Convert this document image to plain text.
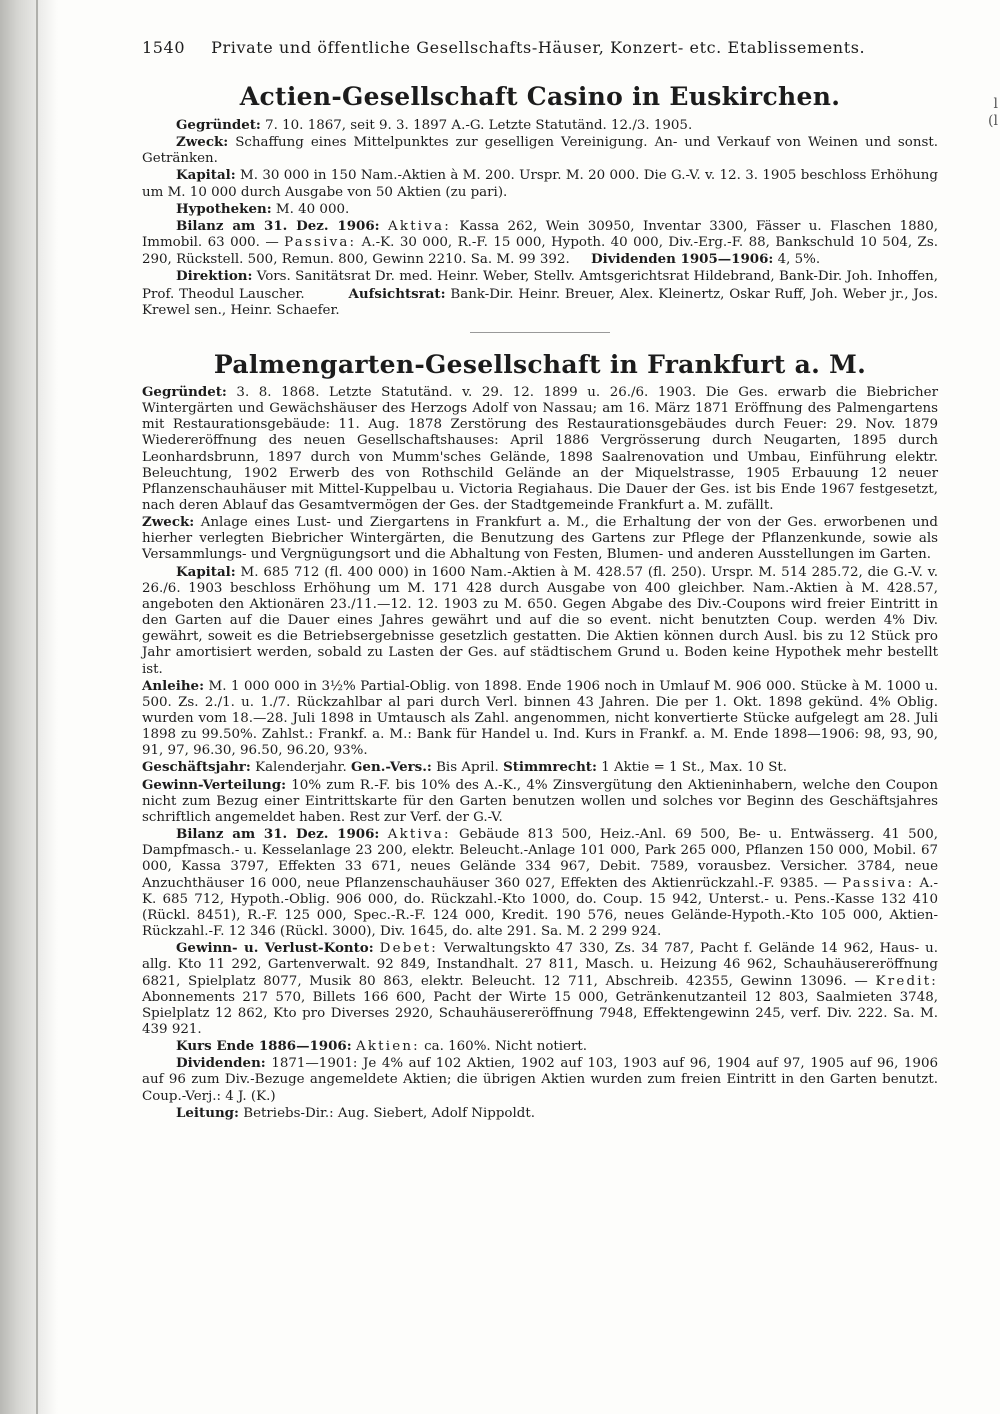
l(l
1540 Private und öffentliche Gesellschafts-Häuser, Konzert- etc. Etablissements.
Actien-Gesellschaft Casino in Euskirchen.

Gegründet: 7. 10. 1867, seit 9. 3. 1897 A.-G. Letzte Statutänd. 12./3. 1905.

Zweck: Schaffung eines Mittelpunktes zur geselligen Vereinigung. An- und Verkauf von Weinen und sonst. Getränken.

Kapital: M. 30 000 in 150 Nam.-Aktien à M. 200. Urspr. M. 20 000. Die G.-V. v. 12. 3. 1905 beschloss Erhöhung um M. 10 000 durch Ausgabe von 50 Aktien (zu pari).

Hypotheken: M. 40 000.

Bilanz am 31. Dez. 1906: Aktiva: Kassa 262, Wein 30950, Inventar 3300, Fässer u. Flaschen 1880, Immobil. 63 000. — Passiva: A.-K. 30 000, R.-F. 15 000, Hypoth. 40 000, Div.-Erg.-F. 88, Bankschuld 10 504, Zs. 290, Rückstell. 500, Remun. 800, Gewinn 2210. Sa. M. 99 392. Dividenden 1905—1906: 4, 5%.

Direktion: Vors. Sanitätsrat Dr. med. Heinr. Weber, Stellv. Amtsgerichtsrat Hildebrand, Bank-Dir. Joh. Inhoffen, Prof. Theodul Lauscher.	Aufsichtsrat: Bank-Dir. Heinr. Breuer, Alex. Kleinertz, Oskar Ruff, Joh. Weber jr., Jos. Krewel sen., Heinr. Schaefer.

Palmengarten-Gesellschaft in Frankfurt a. M.

Gegründet: 3. 8. 1868. Letzte Statutänd. v. 29. 12. 1899 u. 26./6. 1903. Die Ges. erwarb die Biebricher Wintergärten und Gewächshäuser des Herzogs Adolf von Nassau; am 16. März 1871 Eröffnung des Palmengartens mit Restaurationsgebäude: 11. Aug. 1878 Zerstörung des Restaurationsgebäudes durch Feuer: 29. Nov. 1879 Wiedereröffnung des neuen Gesellschaftshauses: April 1886 Vergrösserung durch Neugarten, 1895 durch Leonhardsbrunn, 1897 durch von Mumm'sches Gelände, 1898 Saalrenovation und Umbau, Einführung elektr. Beleuchtung, 1902 Erwerb des von Rothschild Gelände an der Miquelstrasse, 1905 Erbauung 12 neuer Pflanzenschauhäuser mit Mittel-Kuppelbau u. Victoria Regiahaus. Die Dauer der Ges. ist bis Ende 1967 festgesetzt, nach deren Ablauf das Gesamtvermögen der Ges. der Stadtgemeinde Frankfurt a. M. zufällt.

Zweck: Anlage eines Lust- und Ziergartens in Frankfurt a. M., die Erhaltung der von der Ges. erworbenen und hierher verlegten Biebricher Wintergärten, die Benutzung des Gartens zur Pflege der Pflanzenkunde, sowie als Versammlungs- und Vergnügungsort und die Abhaltung von Festen, Blumen- und anderen Ausstellungen im Garten.

Kapital: M. 685 712 (fl. 400 000) in 1600 Nam.-Aktien à M. 428.57 (fl. 250). Urspr. M. 514 285.72, die G.-V. v. 26./6. 1903 beschloss Erhöhung um M. 171 428 durch Ausgabe von 400 gleichber. Nam.-Aktien à M. 428.57, angeboten den Aktionären 23./11.—12. 12. 1903 zu M. 650. Gegen Abgabe des Div.-Coupons wird freier Eintritt in den Garten auf die Dauer eines Jahres gewährt und auf die so event. nicht benutzten Coup. werden 4% Div. gewährt, soweit es die Betriebsergebnisse gesetzlich gestatten. Die Aktien können durch Ausl. bis zu 12 Stück pro Jahr amortisiert werden, sobald zu Lasten der Ges. auf städtischem Grund u. Boden keine Hypothek mehr bestellt ist.

Anleihe: M. 1 000 000 in 3½% Partial-Oblig. von 1898. Ende 1906 noch in Umlauf M. 906 000. Stücke à M. 1000 u. 500. Zs. 2./1. u. 1./7. Rückzahlbar al pari durch Verl. binnen 43 Jahren. Die per 1. Okt. 1898 gekünd. 4% Oblig. wurden vom 18.—28. Juli 1898 in Umtausch als Zahl. angenommen, nicht konvertierte Stücke aufgelegt am 28. Juli 1898 zu 99.50%. Zahlst.: Frankf. a. M.: Bank für Handel u. Ind. Kurs in Frankf. a. M. Ende 1898—1906: 98, 93, 90, 91, 97, 96.30, 96.50, 96.20, 93%.

Geschäftsjahr: Kalenderjahr. Gen.-Vers.: Bis April. Stimmrecht: 1 Aktie = 1 St., Max. 10 St.

Gewinn-Verteilung: 10% zum R.-F. bis 10% des A.-K., 4% Zinsvergütung den Aktieninhabern, welche den Coupon nicht zum Bezug einer Eintrittskarte für den Garten benutzen wollen und solches vor Beginn des Geschäftsjahres schriftlich angemeldet haben. Rest zur Verf. der G.-V.

Bilanz am 31. Dez. 1906: Aktiva: Gebäude 813 500, Heiz.-Anl. 69 500, Be- u. Entwässerg. 41 500, Dampfmasch.- u. Kesselanlage 23 200, elektr. Beleucht.-Anlage 101 000, Park 265 000, Pflanzen 150 000, Mobil. 67 000, Kassa 3797, Effekten 33 671, neues Gelände 334 967, Debit. 7589, vorausbez. Versicher. 3784, neue Anzuchthäuser 16 000, neue Pflanzenschauhäuser 360 027, Effekten des Aktienrückzahl.-F. 9385. — Passiva: A.-K. 685 712, Hypoth.-Oblig. 906 000, do. Rückzahl.-Kto 1000, do. Coup. 15 942, Unterst.- u. Pens.-Kasse 132 410 (Rückl. 8451), R.-F. 125 000, Spec.-R.-F. 124 000, Kredit. 190 576, neues Gelände-Hypoth.-Kto 105 000, Aktien-Rückzahl.-F. 12 346 (Rückl. 3000), Div. 1645, do. alte 291. Sa. M. 2 299 924.

Gewinn- u. Verlust-Konto: Debet: Verwaltungskto 47 330, Zs. 34 787, Pacht f. Gelände 14 962, Haus- u. allg. Kto 11 292, Gartenverwalt. 92 849, Instandhalt. 27 811, Masch. u. Heizung 46 962, Schauhäusereröffnung 6821, Spielplatz 8077, Musik 80 863, elektr. Beleucht. 12 711, Abschreib. 42355, Gewinn 13096. — Kredit: Abonnements 217 570, Billets 166 600, Pacht der Wirte 15 000, Getränkenutzanteil 12 803, Saalmieten 3748, Spielplatz 12 862, Kto pro Diverses 2920, Schauhäusereröffnung 7948, Effektengewinn 245, verf. Div. 222. Sa. M. 439 921.

Kurs Ende 1886—1906: Aktien: ca. 160%. Nicht notiert.

Dividenden: 1871—1901: Je 4% auf 102 Aktien, 1902 auf 103, 1903 auf 96, 1904 auf 97, 1905 auf 96, 1906 auf 96 zum Div.-Bezuge angemeldete Aktien; die übrigen Aktien wurden zum freien Eintritt in den Garten benutzt. Coup.-Verj.: 4 J. (K.)

Leitung: Betriebs-Dir.: Aug. Siebert, Adolf Nippoldt.
